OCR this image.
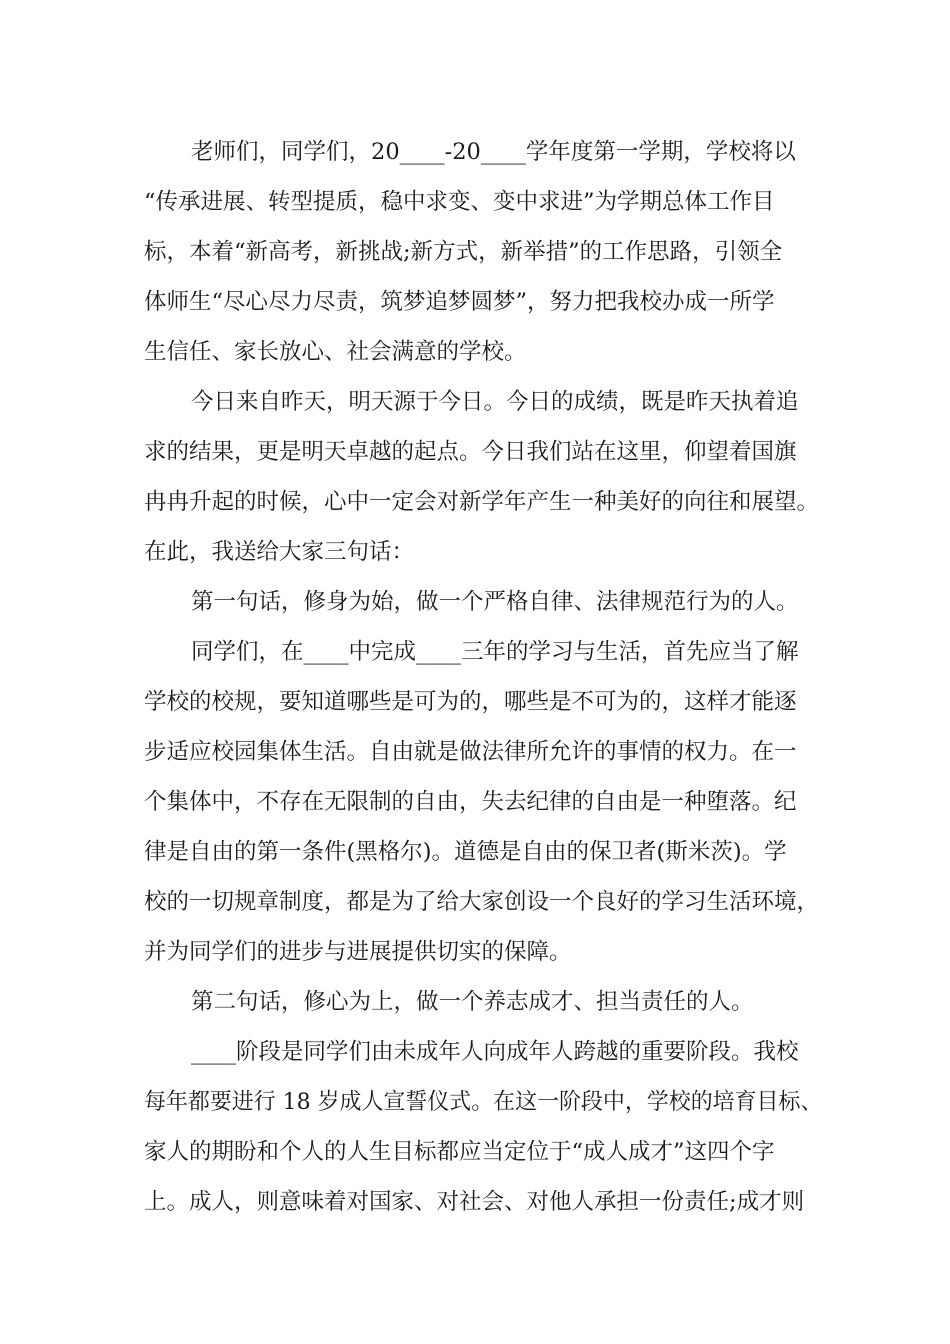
老师们，同学们，20____-20____学年度第一学期，学校将以
“传承进展、转型提质，稳中求变、变中求进”为学期总体工作目
标，本着“新高考，新挑战;新方式，新举措”的工作思路，引领全
体师生“尽心尽力尽责，筑梦追梦圆梦”，努力把我校办成一所学
生信任、家长放心、社会满意的学校。
今日来自昨天，明天源于今日。今日的成绩，既是昨天执着追
求的结果，更是明天卓越的起点。今日我们站在这里，仰望着国旗
冉冉升起的时候，心中一定会对新学年产生一种美好的向往和展望。
在此，我送给大家三句话：
第一句话，修身为始，做一个严格自律、法律规范行为的人。
同学们，在____中完成____三年的学习与生活，首先应当了解
学校的校规，要知道哪些是可为的，哪些是不可为的，这样才能逐
步适应校园集体生活。自由就是做法律所允许的事情的权力。在一
个集体中，不存在无限制的自由，失去纪律的自由是一种堕落。纪
律是自由的第一条件(黑格尔)。道德是自由的保卫者(斯米茨)。学
校的一切规章制度，都是为了给大家创设一个良好的学习生活环境，
并为同学们的进步与进展提供切实的保障。
第二句话，修心为上，做一个养志成才、担当责任的人。
____阶段是同学们由未成年人向成年人跨越的重要阶段。我校
每年都要进行 18 岁成人宣誓仪式。在这一阶段中，学校的培育目标、
家人的期盼和个人的人生目标都应当定位于“成人成才”这四个字
上。成人，则意味着对国家、对社会、对他人承担一份责任;成才则
